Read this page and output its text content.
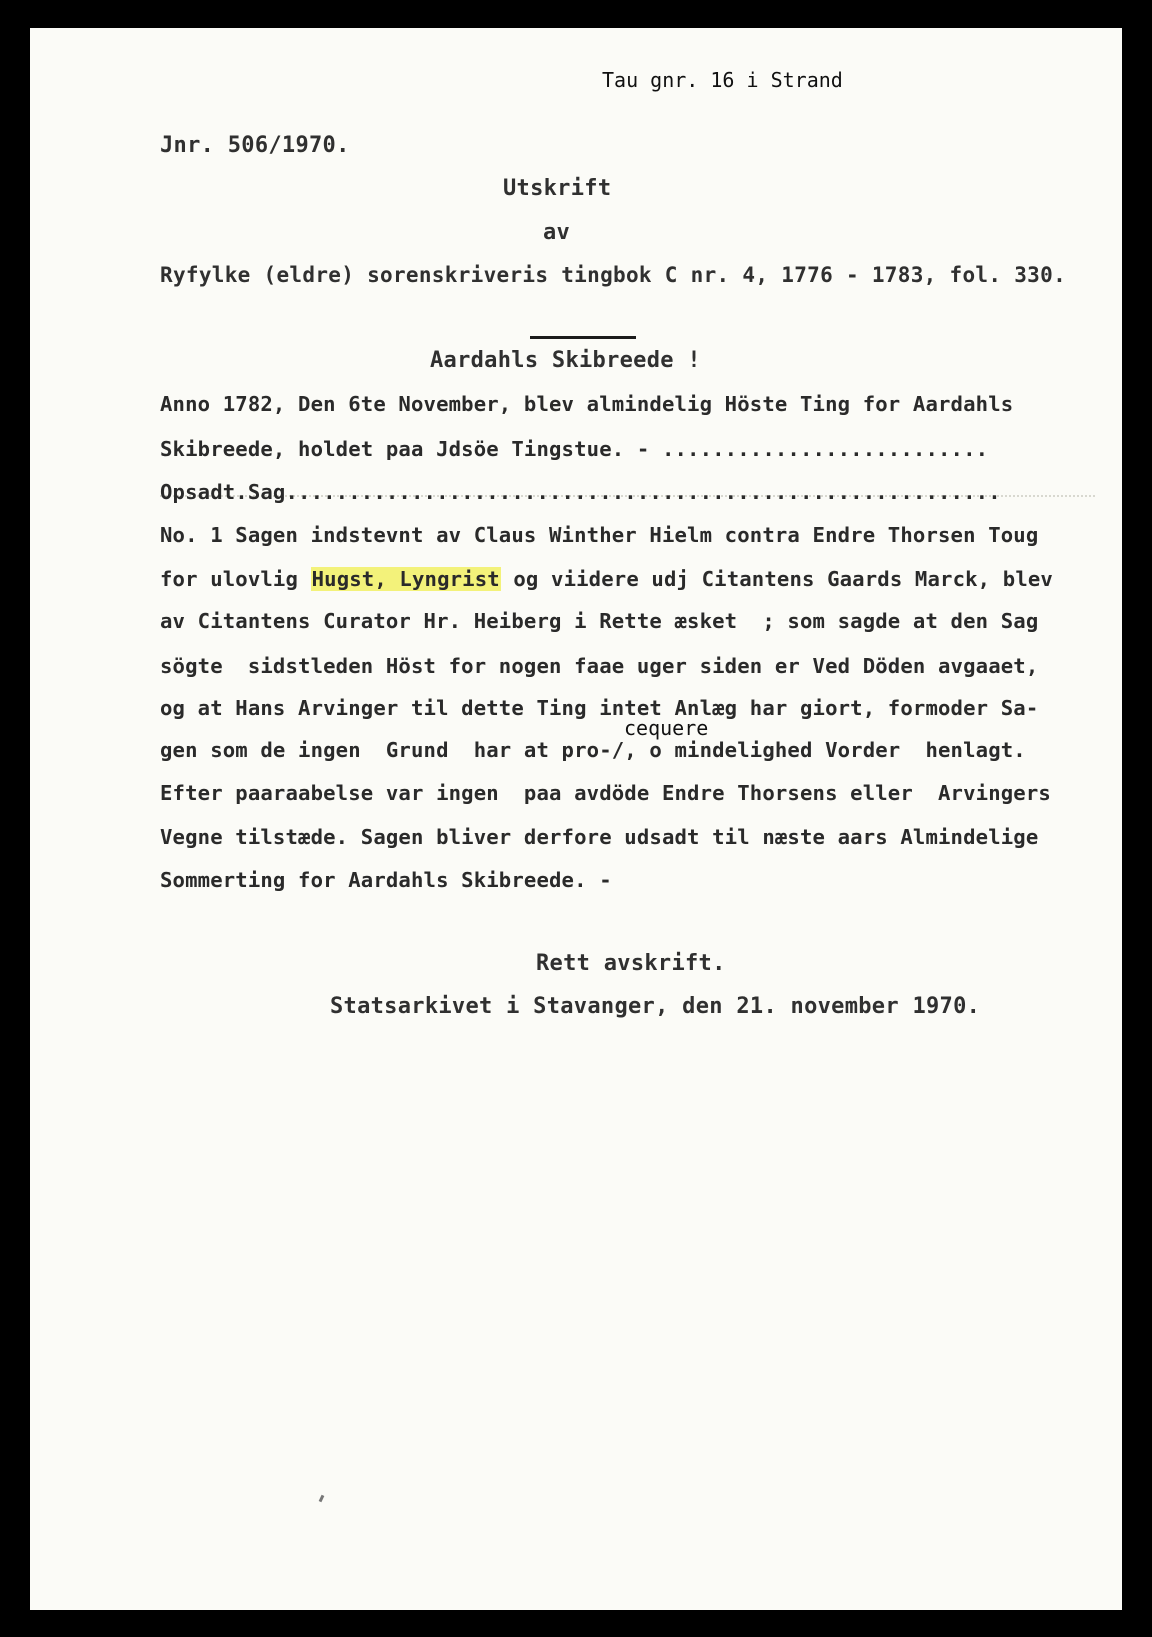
Tau gnr. 16 i Strand
Jnr. 506/1970.
Utskrift
av
Ryfylke (eldre) sorenskriveris tingbok C nr. 4, 1776 - 1783, fol. 330.
Aardahls Skibreede !
Anno 1782, Den 6te November, blev almindelig Höste Ting for Aardahls
Skibreede, holdet paa Jdsöe Tingstue. - ..........................
Opsadt.Sag.........................................................
No. 1 Sagen indstevnt av Claus Winther Hielm contra Endre Thorsen Toug
for ulovlig Hugst, Lyngrist og viidere udj Citantens Gaards Marck, blev
av Citantens Curator Hr. Heiberg i Rette æsket  ; som sagde at den Sag
sögte  sidstleden Höst for nogen faae uger siden er Ved Döden avgaaet,
og at Hans Arvinger til dette Ting intet Anlæg har giort, formoder Sa-
cequere
gen som de ingen  Grund  har at pro-/, o mindelighed Vorder  henlagt.
Efter paaraabelse var ingen  paa avdöde Endre Thorsens eller  Arvingers
Vegne tilstæde. Sagen bliver derfore udsadt til næste aars Almindelige
Sommerting for Aardahls Skibreede. -
Rett avskrift.
Statsarkivet i Stavanger, den 21. november 1970.
